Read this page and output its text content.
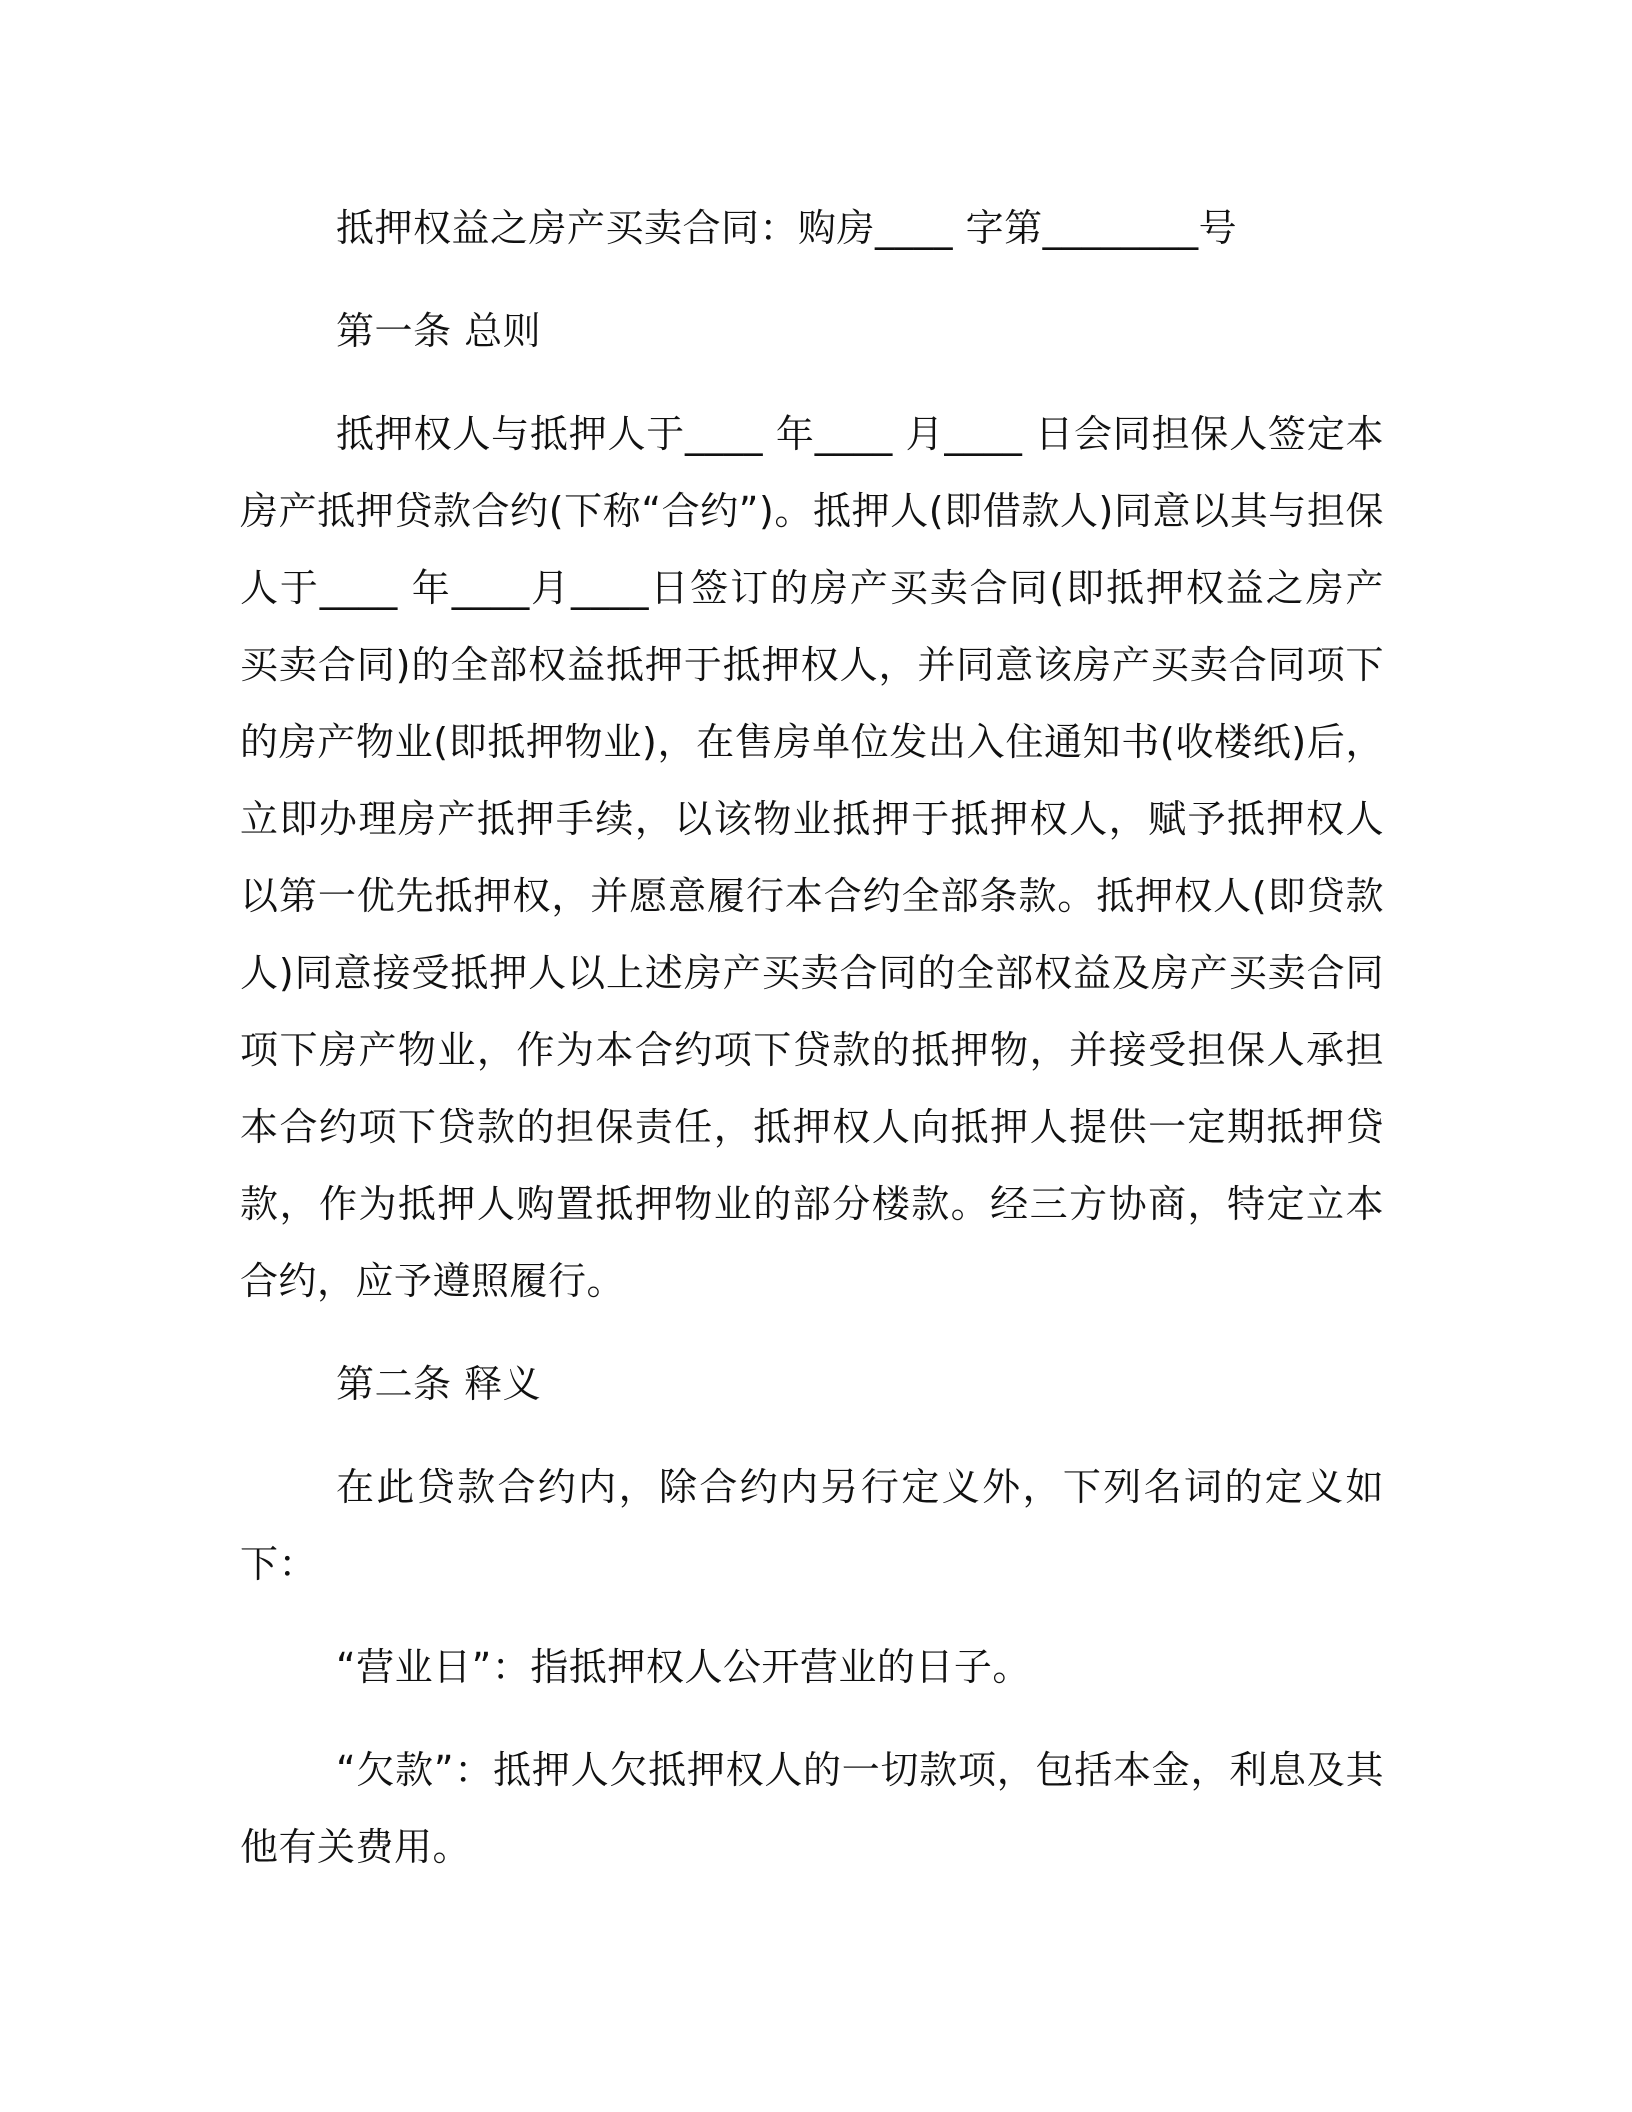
抵押权益之房产买卖合同：购房____ 字第________号

第一条 总则

抵押权人与抵押人于____ 年____ 月____ 日会同担保人签定本房产抵押贷款合约(下称“合约”)。抵押人(即借款人)同意以其与担保人于____ 年____月____日签订的房产买卖合同(即抵押权益之房产买卖合同)的全部权益抵押于抵押权人，并同意该房产买卖合同项下的房产物业(即抵押物业)，在售房单位发出入住通知书(收楼纸)后，立即办理房产抵押手续，以该物业抵押于抵押权人，赋予抵押权人以第一优先抵押权，并愿意履行本合约全部条款。抵押权人(即贷款人)同意接受抵押人以上述房产买卖合同的全部权益及房产买卖合同项下房产物业，作为本合约项下贷款的抵押物，并接受担保人承担本合约项下贷款的担保责任，抵押权人向抵押人提供一定期抵押贷款，作为抵押人购置抵押物业的部分楼款。经三方协商，特定立本合约，应予遵照履行。

第二条 释义

在此贷款合约内，除合约内另行定义外，下列名词的定义如下：

“营业日”：指抵押权人公开营业的日子。

“欠款”：抵押人欠抵押权人的一切款项，包括本金，利息及其他有关费用。
